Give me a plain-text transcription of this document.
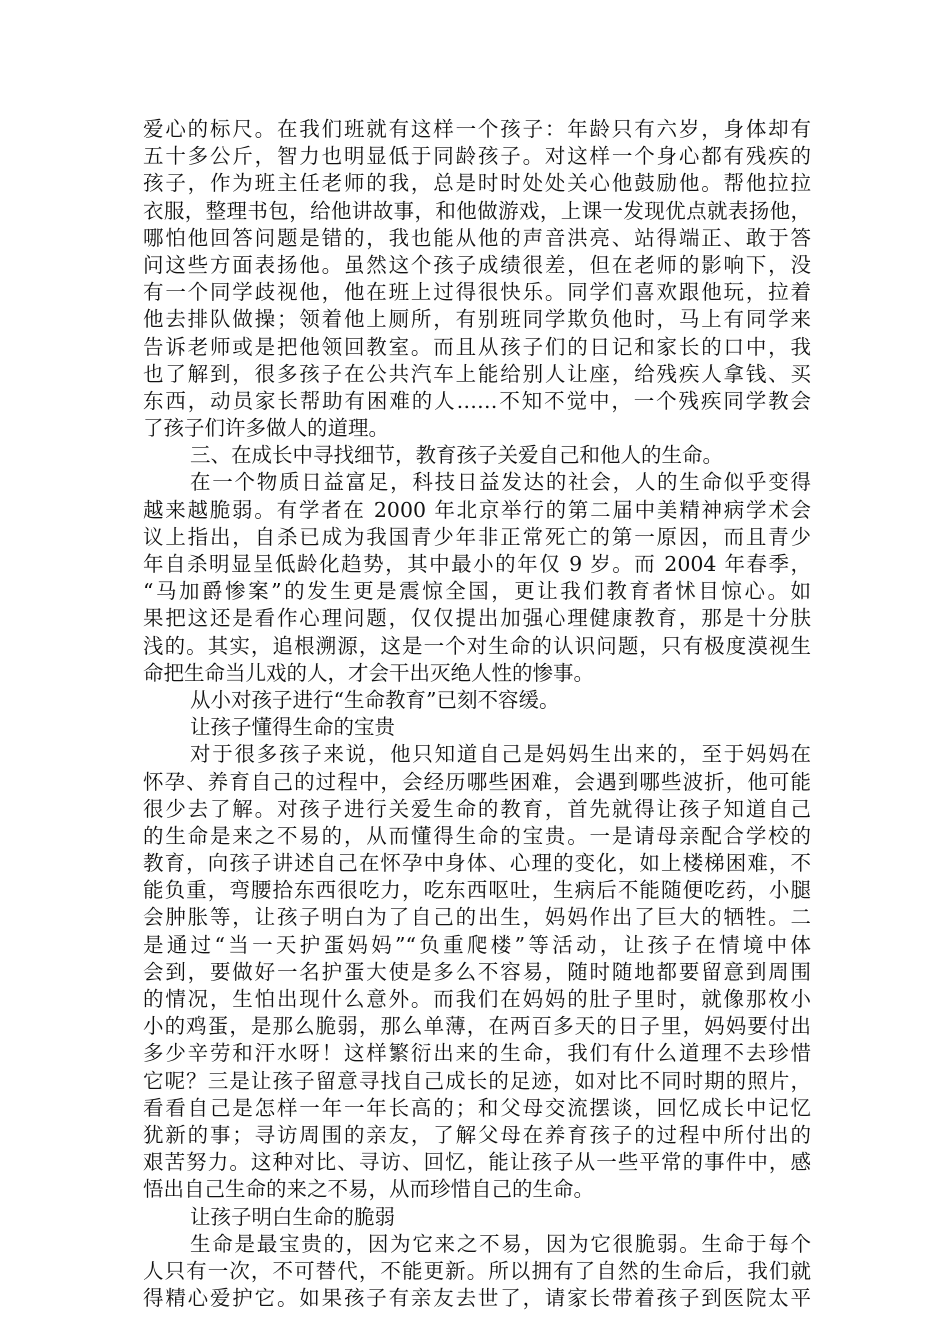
爱心的标尺。在我们班就有这样一个孩子：年龄只有六岁，身体却有
五十多公斤，智力也明显低于同龄孩子。对这样一个身心都有残疾的
孩子，作为班主任老师的我，总是时时处处关心他鼓励他。帮他拉拉
衣服，整理书包，给他讲故事，和他做游戏，上课一发现优点就表扬他，
哪怕他回答问题是错的，我也能从他的声音洪亮、站得端正、敢于答
问这些方面表扬他。虽然这个孩子成绩很差，但在老师的影响下，没
有一个同学歧视他，他在班上过得很快乐。同学们喜欢跟他玩，拉着
他去排队做操；领着他上厕所，有别班同学欺负他时，马上有同学来
告诉老师或是把他领回教室。而且从孩子们的日记和家长的口中，我
也了解到，很多孩子在公共汽车上能给别人让座，给残疾人拿钱、买
东西，动员家长帮助有困难的人……不知不觉中，一个残疾同学教会
了孩子们许多做人的道理。
三、在成长中寻找细节，教育孩子关爱自己和他人的生命。
在一个物质日益富足，科技日益发达的社会，人的生命似乎变得
越来越脆弱。有学者在 2000 年北京举行的第二届中美精神病学术会
议上指出，自杀已成为我国青少年非正常死亡的第一原因，而且青少
年自杀明显呈低龄化趋势，其中最小的年仅 9 岁。而 2004 年春季，
“马加爵惨案”的发生更是震惊全国，更让我们教育者怵目惊心。如
果把这还是看作心理问题，仅仅提出加强心理健康教育，那是十分肤
浅的。其实，追根溯源，这是一个对生命的认识问题，只有极度漠视生
命把生命当儿戏的人，才会干出灭绝人性的惨事。
从小对孩子进行“生命教育”已刻不容缓。
让孩子懂得生命的宝贵
对于很多孩子来说，他只知道自己是妈妈生出来的，至于妈妈在
怀孕、养育自己的过程中，会经历哪些困难，会遇到哪些波折，他可能
很少去了解。对孩子进行关爱生命的教育，首先就得让孩子知道自己
的生命是来之不易的，从而懂得生命的宝贵。一是请母亲配合学校的
教育，向孩子讲述自己在怀孕中身体、心理的变化，如上楼梯困难，不
能负重，弯腰拾东西很吃力，吃东西呕吐，生病后不能随便吃药，小腿
会肿胀等，让孩子明白为了自己的出生，妈妈作出了巨大的牺牲。二
是通过“当一天护蛋妈妈”“负重爬楼”等活动，让孩子在情境中体
会到，要做好一名护蛋大使是多么不容易，随时随地都要留意到周围
的情况，生怕出现什么意外。而我们在妈妈的肚子里时，就像那枚小
小的鸡蛋，是那么脆弱，那么单薄，在两百多天的日子里，妈妈要付出
多少辛劳和汗水呀！这样繁衍出来的生命，我们有什么道理不去珍惜
它呢？三是让孩子留意寻找自己成长的足迹，如对比不同时期的照片，
看看自己是怎样一年一年长高的；和父母交流摆谈，回忆成长中记忆
犹新的事；寻访周围的亲友，了解父母在养育孩子的过程中所付出的
艰苦努力。这种对比、寻访、回忆，能让孩子从一些平常的事件中，感
悟出自己生命的来之不易，从而珍惜自己的生命。
让孩子明白生命的脆弱
生命是最宝贵的，因为它来之不易，因为它很脆弱。生命于每个
人只有一次，不可替代，不能更新。所以拥有了自然的生命后，我们就
得精心爱护它。如果孩子有亲友去世了，请家长带着孩子到医院太平
